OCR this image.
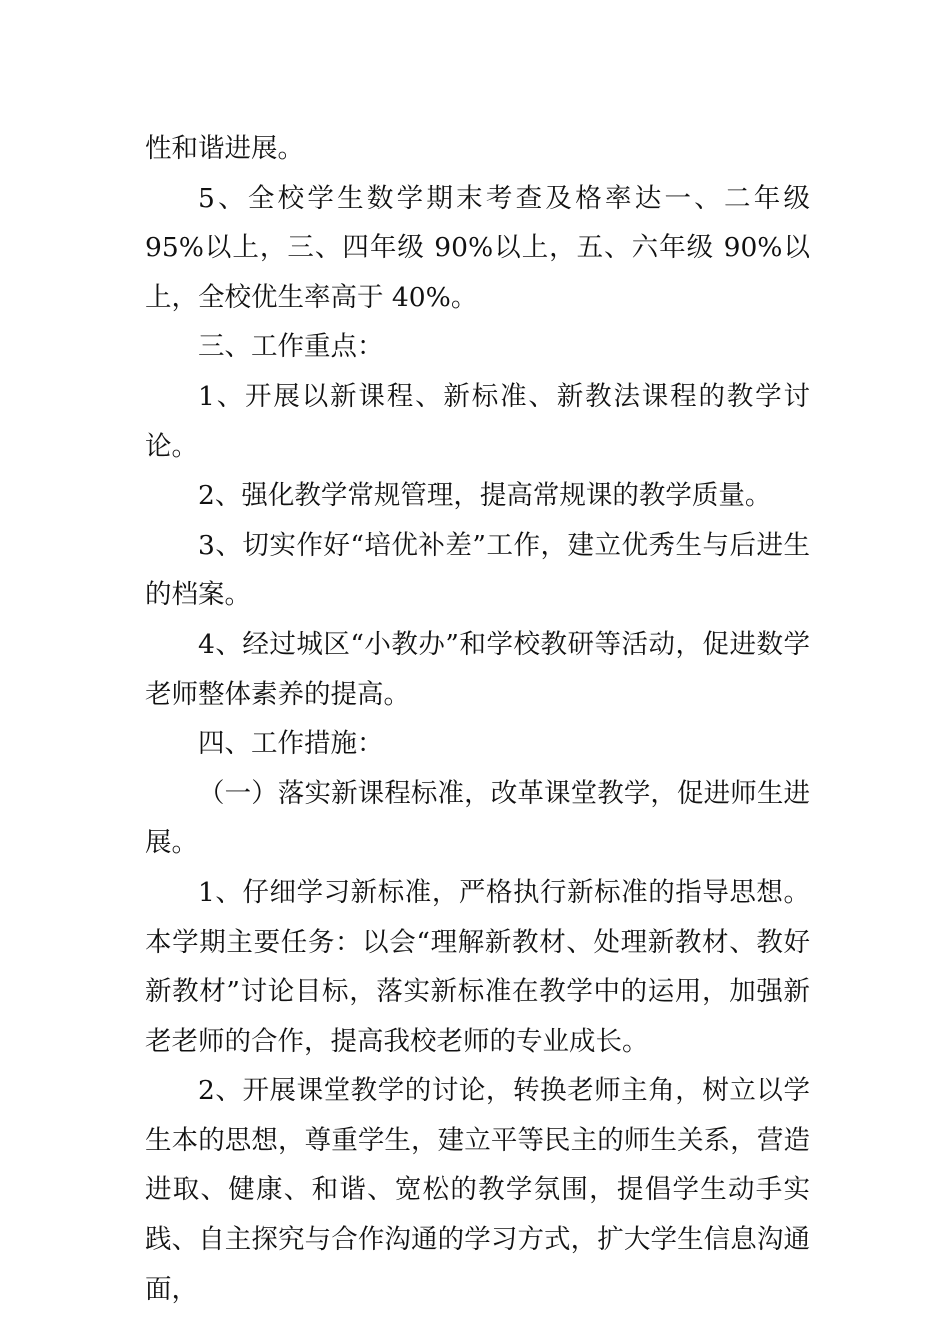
性和谐进展。

5、全校学生数学期末考查及格率达一、二年级 95%以上，三、四年级 90%以上，五、六年级 90%以上，全校优生率高于 40%。

三、工作重点：

1、开展以新课程、新标准、新教法课程的教学讨论。

2、强化教学常规管理，提高常规课的教学质量。

3、切实作好“培优补差”工作，建立优秀生与后进生的档案。

4、经过城区“小教办”和学校教研等活动，促进数学老师整体素养的提高。

四、工作措施：

（一）落实新课程标准，改革课堂教学，促进师生进展。

1、仔细学习新标准，严格执行新标准的指导思想。本学期主要任务：以会“理解新教材、处理新教材、教好新教材”讨论目标，落实新标准在教学中的运用，加强新老老师的合作，提高我校老师的专业成长。

2、开展课堂教学的讨论，转换老师主角，树立以学生本的思想，尊重学生，建立平等民主的师生关系，营造进取、健康、和谐、宽松的教学氛围，提倡学生动手实践、自主探究与合作沟通的学习方式，扩大学生信息沟通面，
